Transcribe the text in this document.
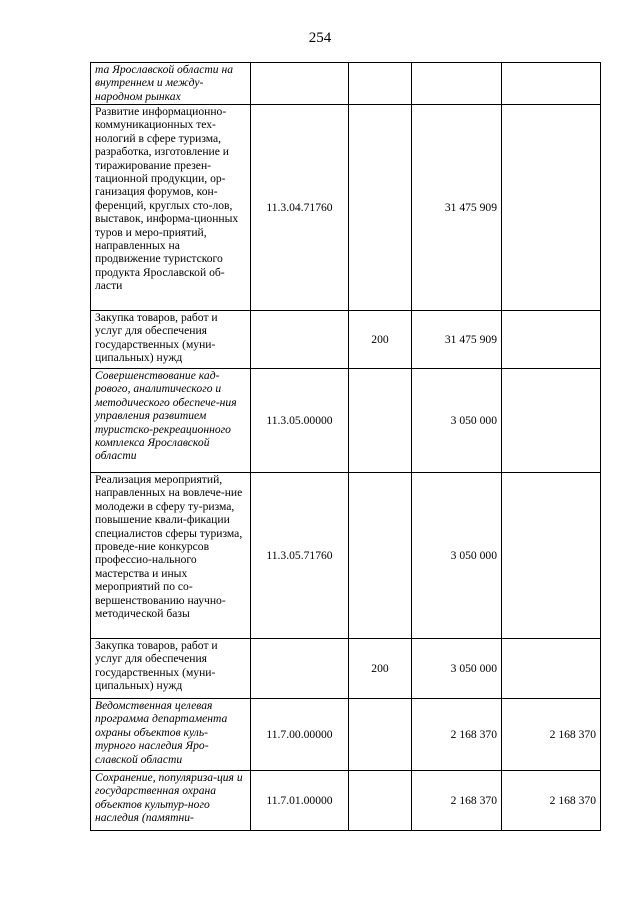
254
та Ярославской области на внутреннем и между-народном рынках				
Развитие информационно-коммуникационных тех-нологий в сфере туризма, разработка, изготовление и тиражирование презен-тационной продукции, ор-ганизация форумов, кон-ференций, круглых сто-лов, выставок, информа-ционных туров и меро-приятий, направленных на продвижение туристского продукта Ярославской об-ласти	11.3.04.71760		31 475 909	
Закупка товаров, работ и услуг для обеспечения государственных (муни-ципальных) нужд		200	31 475 909	
Совершенствование кад-рового, аналитического и методического обеспече-ния управления развитием туристско-рекреационного комплекса Ярославской области	11.3.05.00000		3 050 000	
Реализация мероприятий, направленных на вовлече-ние молодежи в сферу ту-ризма, повышение квали-фикации специалистов сферы туризма, проведе-ние конкурсов профессио-нального мастерства и иных мероприятий по со-вершенствованию научно-методической базы	11.3.05.71760		3 050 000	
Закупка товаров, работ и услуг для обеспечения государственных (муни-ципальных) нужд		200	3 050 000	
Ведомственная целевая программа департамента охраны объектов куль-турного наследия Яро-славской области	11.7.00.00000		2 168 370	2 168 370
Сохранение, популяриза-ция и государственная охрана объектов культур-ного наследия (памятни-	11.7.01.00000		2 168 370	2 168 370
